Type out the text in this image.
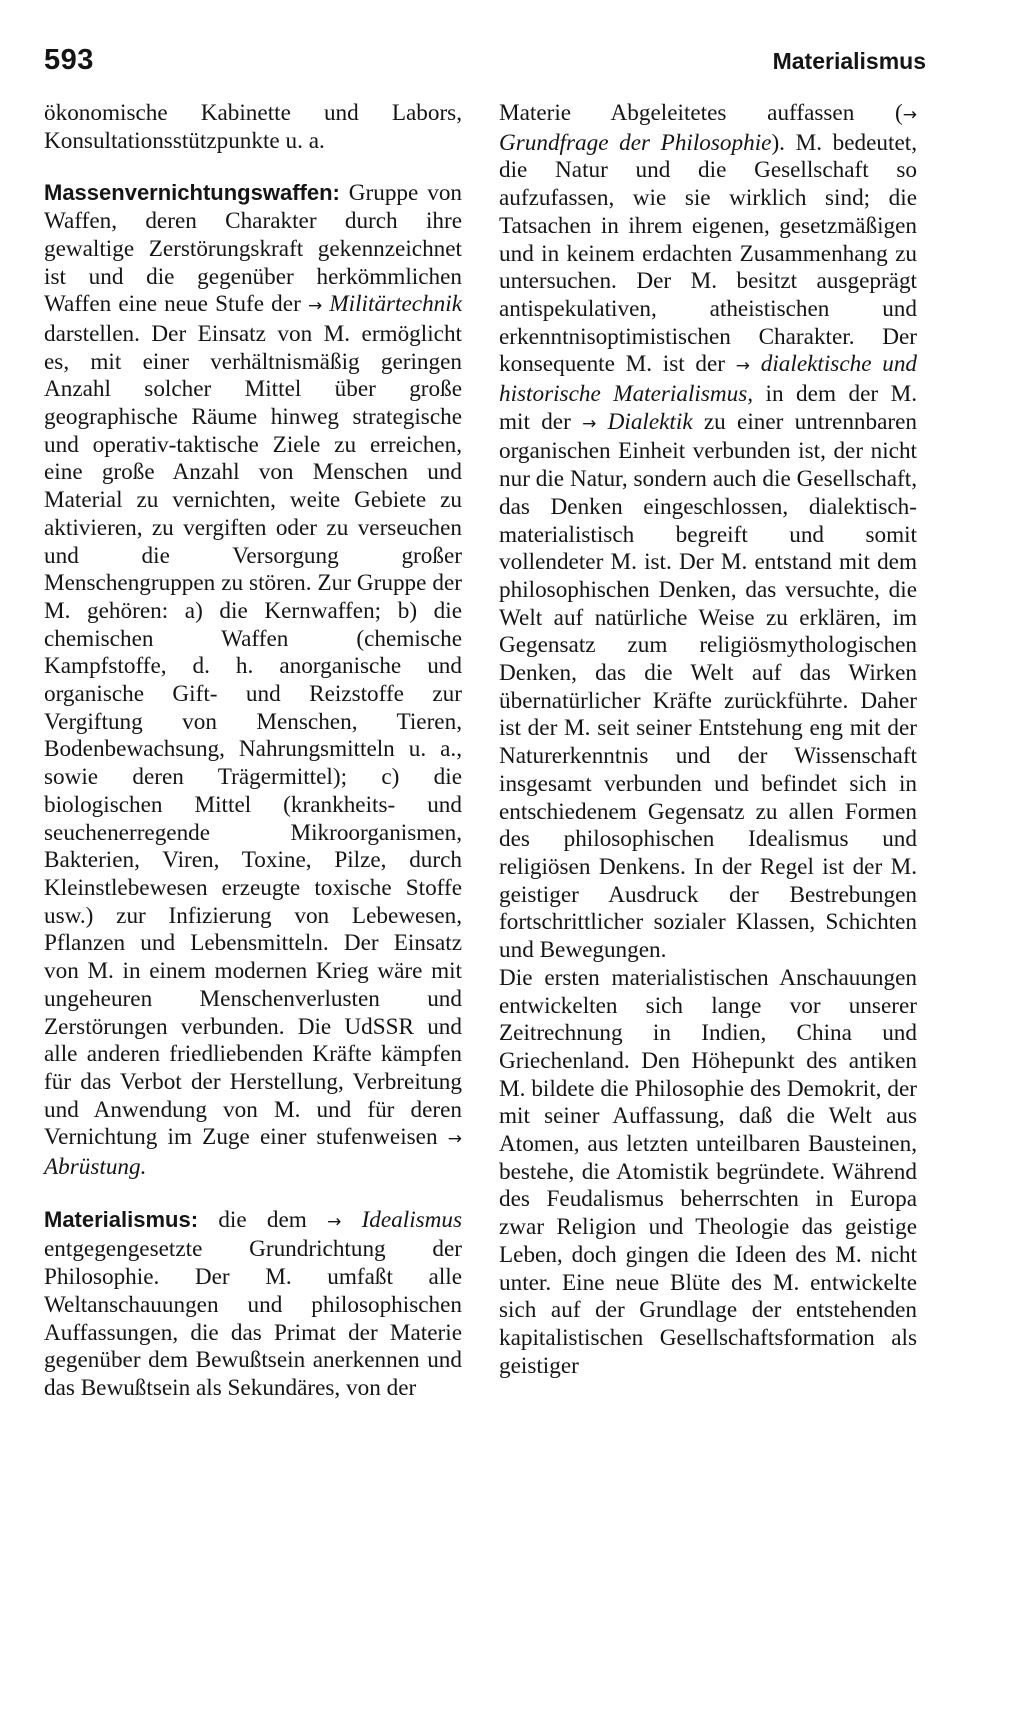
593	Materialismus

ökonomische Kabinette und Labors, Konsultationsstützpunkte u. a.

Massenvernichtungswaffen: Gruppe von Waffen, deren Charakter durch ihre gewaltige Zerstörungskraft gekennzeichnet ist und die gegenüber herkömmlichen Waffen eine neue Stufe der → Militärtechnik darstellen. Der Einsatz von M. ermöglicht es, mit einer verhältnismäßig geringen Anzahl solcher Mittel über große geographische Räume hinweg strategische und operativ-taktische Ziele zu erreichen, eine große Anzahl von Menschen und Material zu vernichten, weite Gebiete zu aktivieren, zu vergiften oder zu verseuchen und die Versorgung großer Menschengruppen zu stören. Zur Gruppe der M. gehören: a) die Kernwaffen; b) die chemischen Waffen (chemische Kampfstoffe, d. h. anorganische und organische Gift- und Reizstoffe zur Vergiftung von Menschen, Tieren, Bodenbewachsung, Nahrungsmitteln u. a., sowie deren Trägermittel); c) die biologischen Mittel (krankheits- und seuchenerregende Mikroorganismen, Bakterien, Viren, Toxine, Pilze, durch Kleinstlebewesen erzeugte toxische Stoffe usw.) zur Infizierung von Lebewesen, Pflanzen und Lebensmitteln. Der Einsatz von M. in einem modernen Krieg wäre mit ungeheuren Menschenverlusten und Zerstörungen verbunden. Die UdSSR und alle anderen friedliebenden Kräfte kämpfen für das Verbot der Herstellung, Verbreitung und Anwendung von M. und für deren Vernichtung im Zuge einer stufenweisen → Abrüstung.

Materialismus: die dem → Idealismus entgegengesetzte Grundrichtung der Philosophie. Der M. umfaßt alle Weltanschauungen und philosophischen Auffassungen, die das Primat der Materie gegenüber dem Bewußtsein anerkennen und das Bewußtsein als Sekundäres, von der

Materie Abgeleitetes auffassen (→ Grundfrage der Philosophie). M. bedeutet, die Natur und die Gesellschaft so aufzufassen, wie sie wirklich sind; die Tatsachen in ihrem eigenen, gesetzmäßigen und in keinem erdachten Zusammenhang zu untersuchen. Der M. besitzt ausgeprägt antispekulativen, atheistischen und erkenntnisoptimistischen Charakter. Der konsequente M. ist der → dialektische und historische Materialismus, in dem der M. mit der → Dialektik zu einer untrennbaren organischen Einheit verbunden ist, der nicht nur die Natur, sondern auch die Gesellschaft, das Denken eingeschlossen, dialektisch-materialistisch begreift und somit vollendeter M. ist. Der M. entstand mit dem philosophischen Denken, das versuchte, die Welt auf natürliche Weise zu erklären, im Gegensatz zum religiösmythologischen Denken, das die Welt auf das Wirken übernatürlicher Kräfte zurückführte. Daher ist der M. seit seiner Entstehung eng mit der Naturerkenntnis und der Wissenschaft insgesamt verbunden und befindet sich in entschiedenem Gegensatz zu allen Formen des philosophischen Idealismus und religiösen Denkens. In der Regel ist der M. geistiger Ausdruck der Bestrebungen fortschrittlicher sozialer Klassen, Schichten und Bewegungen.

Die ersten materialistischen Anschauungen entwickelten sich lange vor unserer Zeitrechnung in Indien, China und Griechenland. Den Höhepunkt des antiken M. bildete die Philosophie des Demokrit, der mit seiner Auffassung, daß die Welt aus Atomen, aus letzten unteilbaren Bausteinen, bestehe, die Atomistik begründete. Während des Feudalismus beherrschten in Europa zwar Religion und Theologie das geistige Leben, doch gingen die Ideen des M. nicht unter. Eine neue Blüte des M. entwickelte sich auf der Grundlage der entstehenden kapitalistischen Gesellschaftsformation als geistiger
